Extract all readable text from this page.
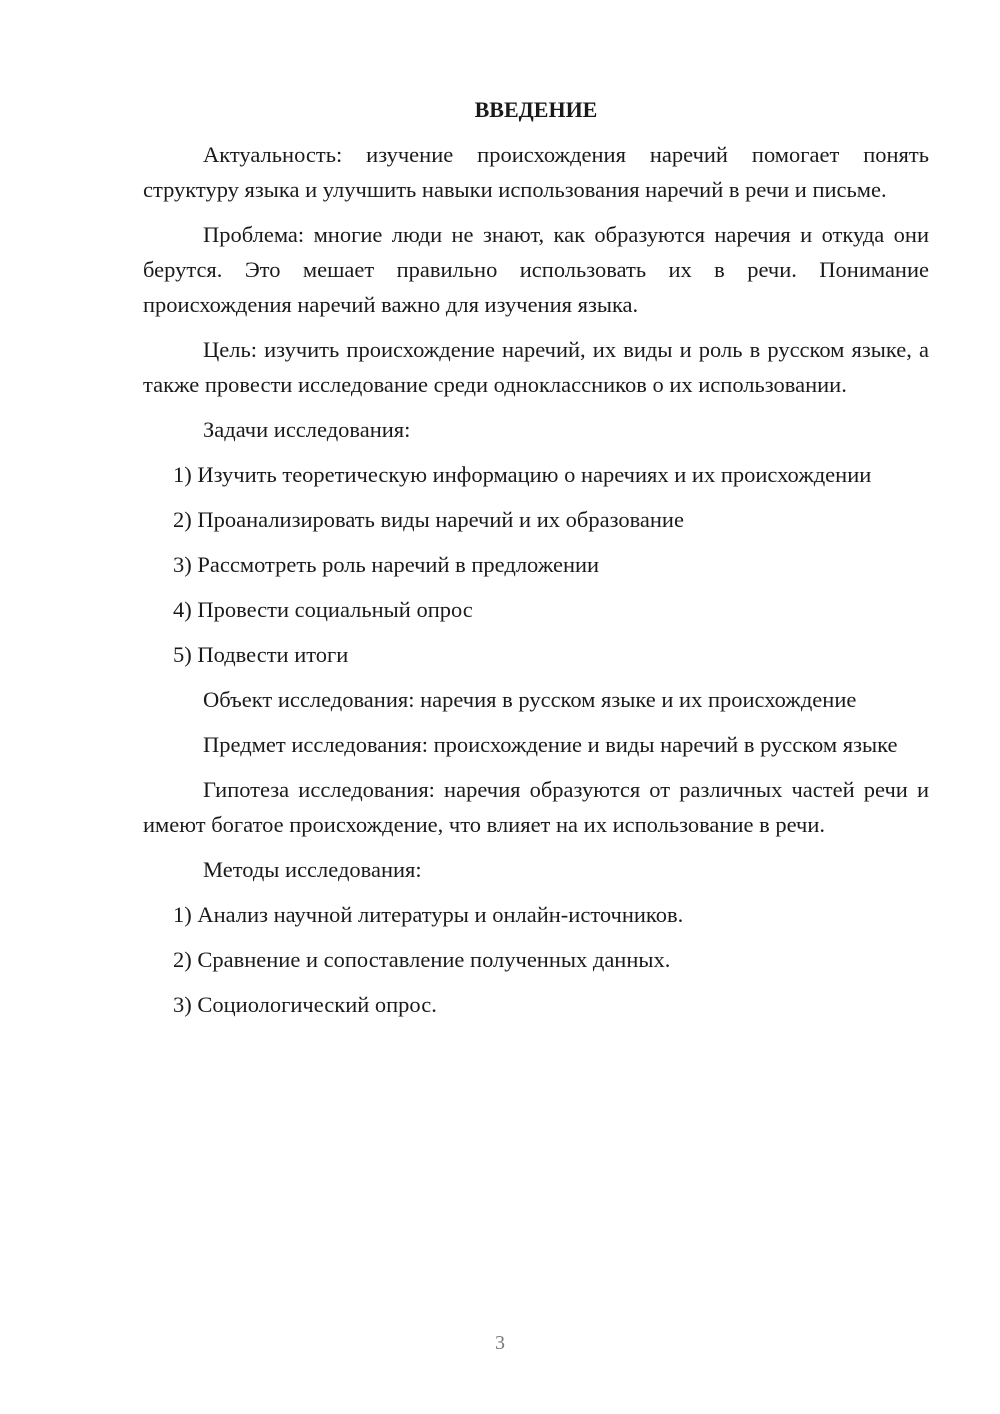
ВВЕДЕНИЕ

Актуальность: изучение происхождения наречий помогает понять структуру языка и улучшить навыки использования наречий в речи и письме.

Проблема: многие люди не знают, как образуются наречия и откуда они берутся. Это мешает правильно использовать их в речи. Понимание происхождения наречий важно для изучения языка.

Цель: изучить происхождение наречий, их виды и роль в русском языке, а также провести исследование среди одноклассников о их использовании.

Задачи исследования:

1) Изучить теоретическую информацию о наречиях и их происхождении

2) Проанализировать виды наречий и их образование

3) Рассмотреть роль наречий в предложении

4) Провести социальный опрос

5) Подвести итоги

Объект исследования: наречия в русском языке и их происхождение

Предмет исследования: происхождение и виды наречий в русском языке

Гипотеза исследования: наречия образуются от различных частей речи и имеют богатое происхождение, что влияет на их использование в речи.

Методы исследования:

1) Анализ научной литературы и онлайн-источников.

2) Сравнение и сопоставление полученных данных.

3) Социологический опрос.

3
